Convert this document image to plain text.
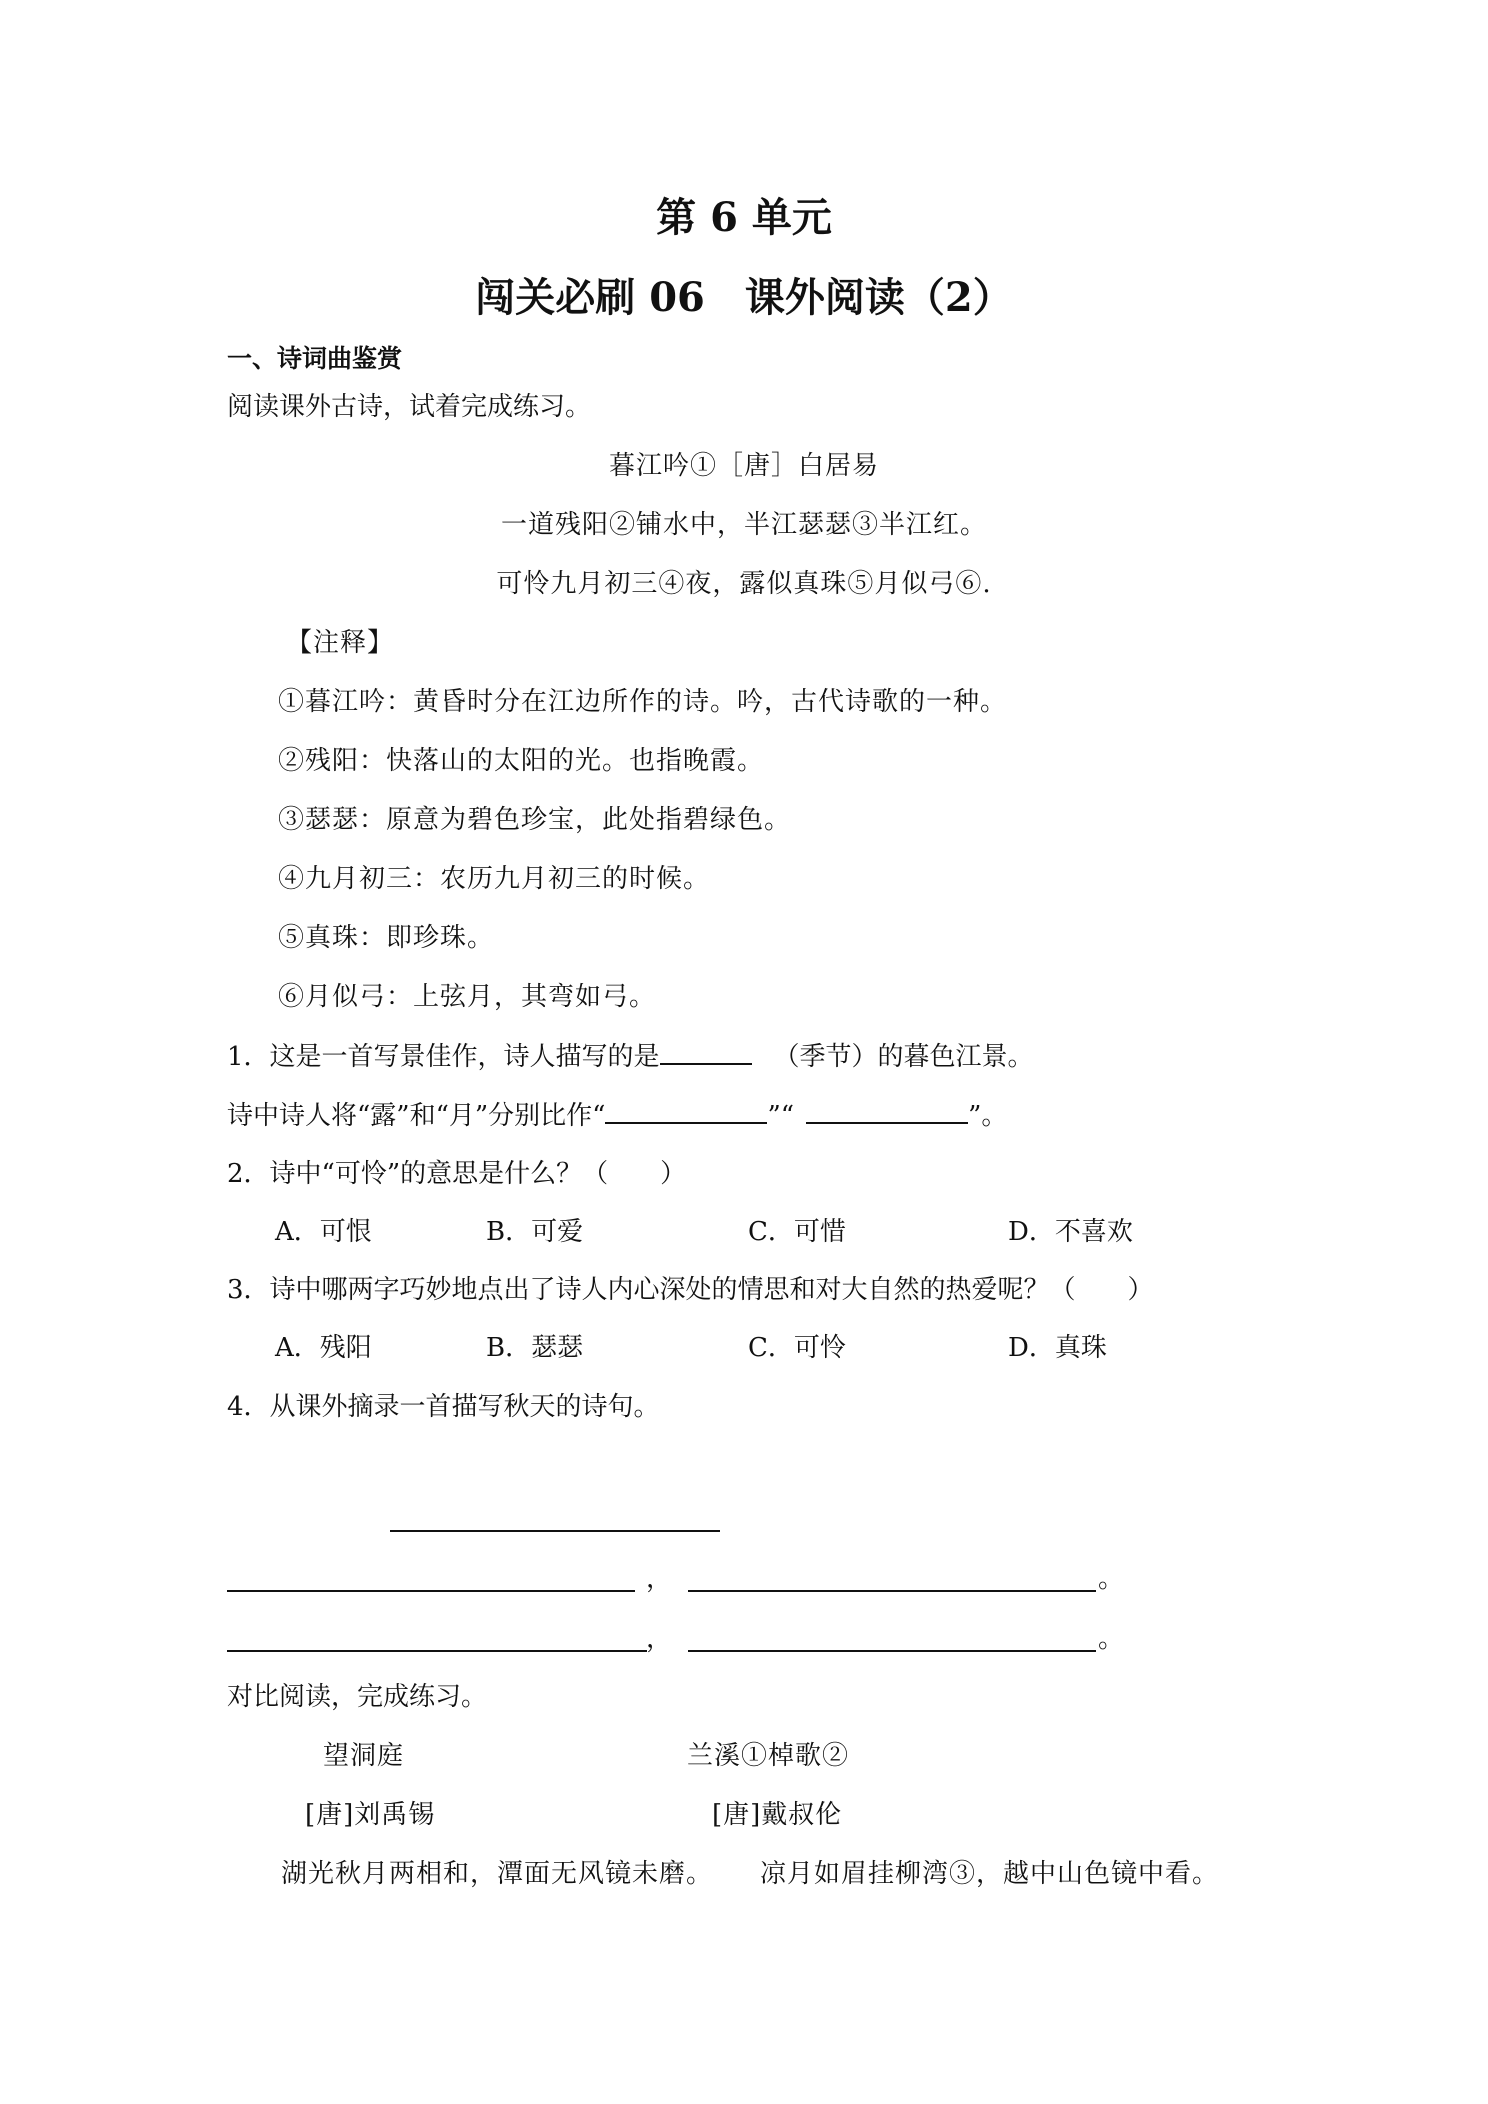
第 6 单元
闯关必刷 06　课外阅读（2）
一、诗词曲鉴赏
阅读课外古诗，试着完成练习。
暮江吟①［唐］白居易
一道残阳②铺水中，半江瑟瑟③半江红。
可怜九月初三④夜，露似真珠⑤月似弓⑥.
【注释】
①暮江吟：黄昏时分在江边所作的诗。吟，古代诗歌的一种。
②残阳：快落山的太阳的光。也指晚霞。
③瑟瑟：原意为碧色珍宝，此处指碧绿色。
④九月初三：农历九月初三的时候。
⑤真珠：即珍珠。
⑥月似弓：上弦月，其弯如弓。
1．这是一首写景佳作，诗人描写的是	（季节）的暮色江景。
诗中诗人将“露”和“月”分别比作“	”“	”。
2．诗中“可怜”的意思是什么？（　　）
A．可恨	B．可爱	C．可惜	D．不喜欢
3．诗中哪两字巧妙地点出了诗人内心深处的情思和对大自然的热爱呢？（　　）
A．残阳	B．瑟瑟	C．可怜	D．真珠
4．从课外摘录一首描写秋天的诗句。
，	。
，	。
对比阅读，完成练习。
望洞庭	兰溪①棹歌②
[唐]刘禹锡	[唐]戴叔伦
湖光秋月两相和，潭面无风镜未磨。 凉月如眉挂柳湾③，越中山色镜中看。
